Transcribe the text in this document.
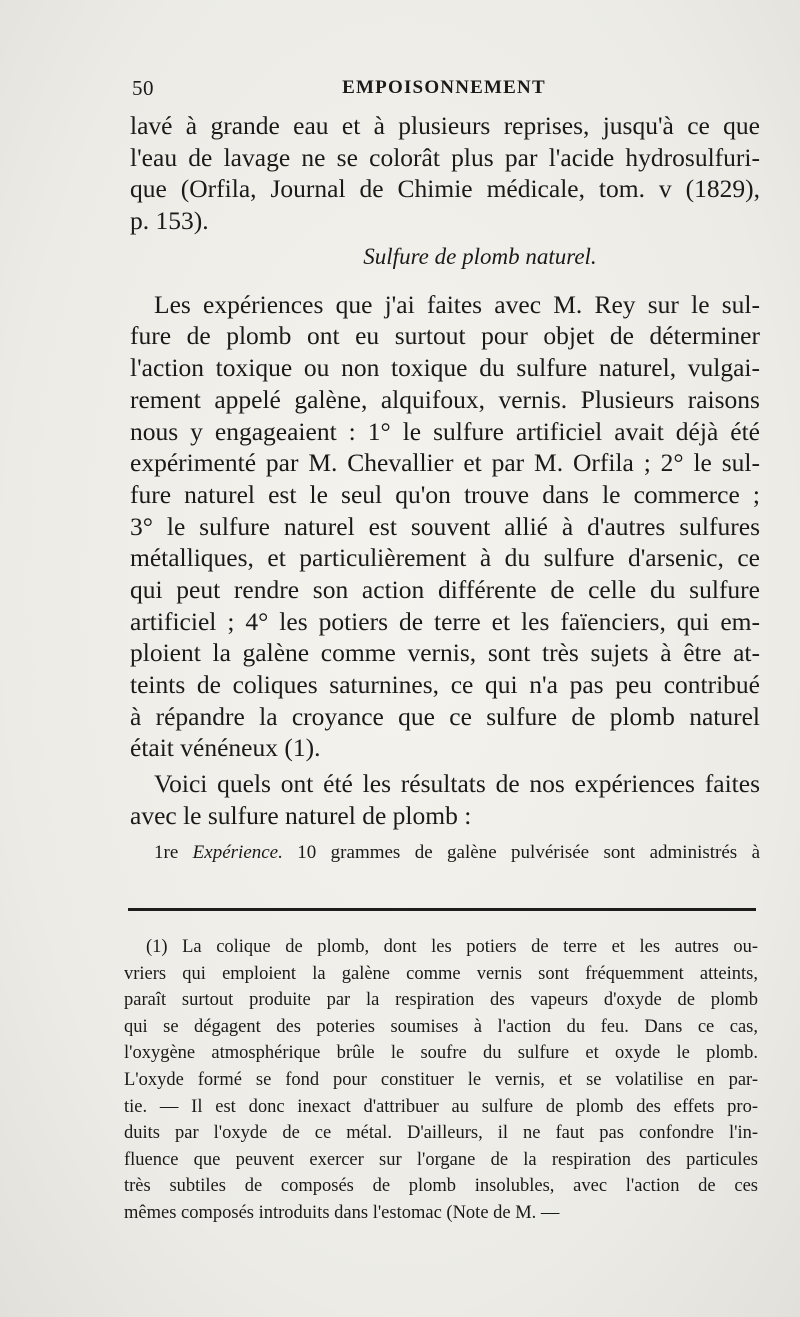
50	EMPOISONNEMENT
lavé à grande eau et à plusieurs reprises, jusqu'à ce que
l'eau de lavage ne se colorât plus par l'acide hydrosulfuri-
que (Orfila, Journal de Chimie médicale, tom. v (1829),
p. 153).
Sulfure de plomb naturel.
Les expériences que j'ai faites avec M. Rey sur le sul-
fure de plomb ont eu surtout pour objet de déterminer
l'action toxique ou non toxique du sulfure naturel, vulgai-
rement appelé galène, alquifoux, vernis. Plusieurs raisons
nous y engageaient : 1° le sulfure artificiel avait déjà été
expérimenté par M. Chevallier et par M. Orfila ; 2° le sul-
fure naturel est le seul qu'on trouve dans le commerce ;
3° le sulfure naturel est souvent allié à d'autres sulfures
métalliques, et particulièrement à du sulfure d'arsenic, ce
qui peut rendre son action différente de celle du sulfure
artificiel ; 4° les potiers de terre et les faïenciers, qui em-
ploient la galène comme vernis, sont très sujets à être at-
teints de coliques saturnines, ce qui n'a pas peu contribué
à répandre la croyance que ce sulfure de plomb naturel
était vénéneux (1).
Voici quels ont été les résultats de nos expériences faites
avec le sulfure naturel de plomb :
1re Expérience. 10 grammes de galène pulvérisée sont administrés à
(1) La colique de plomb, dont les potiers de terre et les autres ou-
vriers qui emploient la galène comme vernis sont fréquemment atteints,
paraît surtout produite par la respiration des vapeurs d'oxyde de plomb
qui se dégagent des poteries soumises à l'action du feu. Dans ce cas,
l'oxygène atmosphérique brûle le soufre du sulfure et oxyde le plomb.
L'oxyde formé se fond pour constituer le vernis, et se volatilise en par-
tie. — Il est donc inexact d'attribuer au sulfure de plomb des effets pro-
duits par l'oxyde de ce métal. D'ailleurs, il ne faut pas confondre l'in-
fluence que peuvent exercer sur l'organe de la respiration des particules
très subtiles de composés de plomb insolubles, avec l'action de ces
mêmes composés introduits dans l'estomac (Note de M. —
